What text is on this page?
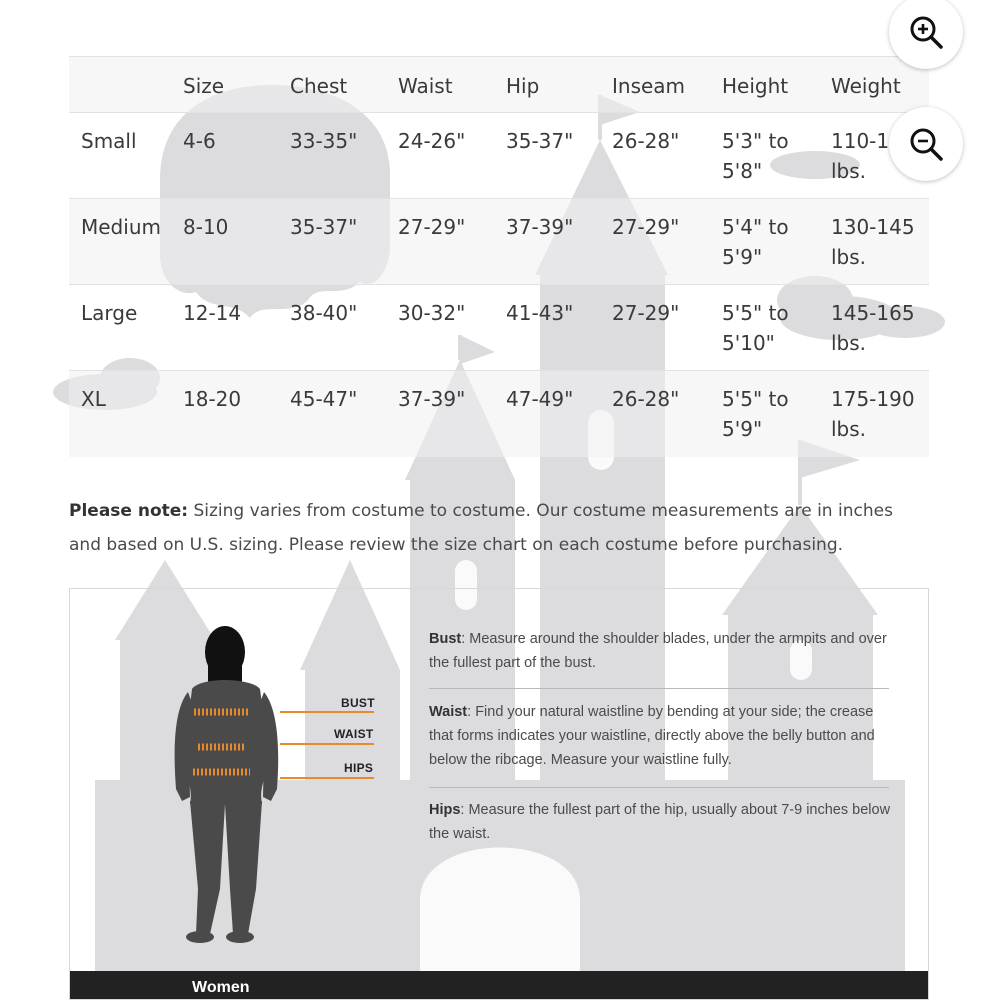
	Size	Chest	Waist	Hip	Inseam	Height	Weight
Small	4-6	33-35"	24-26"	35-37"	26-28"	5'3" to 5'8"	110-1 lbs.
Medium	8-10	35-37"	27-29"	37-39"	27-29"	5'4" to 5'9"	130-145 lbs.
Large	12-14	38-40"	30-32"	41-43"	27-29"	5'5" to 5'10"	145-165 lbs.
XL	18-20	45-47"	37-39"	47-49"	26-28"	5'5" to 5'9"	175-190 lbs.

Please note: Sizing varies from costume to costume. Our costume measurements are in inches and based on U.S. sizing. Please review the size chart on each costume before purchasing.

BUST
WAIST
HIPS

Bust: Measure around the shoulder blades, under the armpits and over the fullest part of the bust.

Waist: Find your natural waistline by bending at your side; the crease that forms indicates your waistline, directly above the belly button and below the ribcage. Measure your waistline fully.

Hips: Measure the fullest part of the hip, usually about 7-9 inches below the waist.

Women
